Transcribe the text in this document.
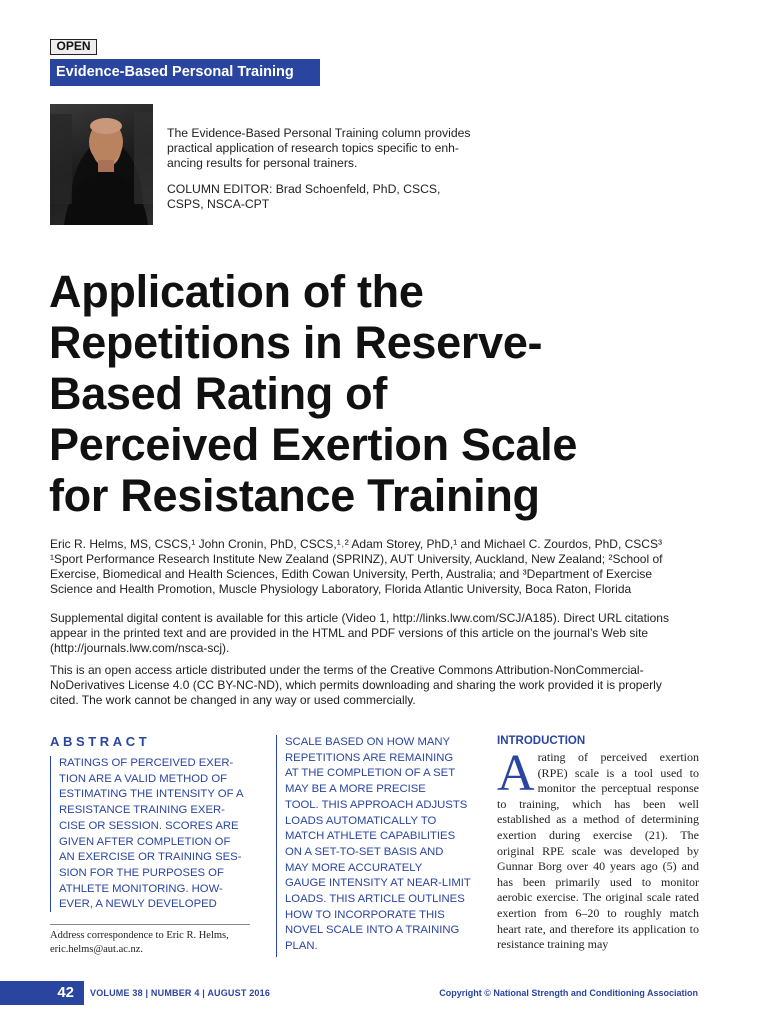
OPEN
Evidence-Based Personal Training
The Evidence-Based Personal Training column provides
practical application of research topics specific to enh-
ancing results for personal trainers.
COLUMN EDITOR: Brad Schoenfeld, PhD, CSCS,
CSPS, NSCA-CPT
Application of the
Repetitions in Reserve-
Based Rating of
Perceived Exertion Scale
for Resistance Training
Eric R. Helms, MS, CSCS,¹ John Cronin, PhD, CSCS,¹˒² Adam Storey, PhD,¹ and Michael C. Zourdos, PhD, CSCS³
¹Sport Performance Research Institute New Zealand (SPRINZ), AUT University, Auckland, New Zealand; ²School of
Exercise, Biomedical and Health Sciences, Edith Cowan University, Perth, Australia; and ³Department of Exercise
Science and Health Promotion, Muscle Physiology Laboratory, Florida Atlantic University, Boca Raton, Florida
Supplemental digital content is available for this article (Video 1, http://links.lww.com/SCJ/A185). Direct URL citations
appear in the printed text and are provided in the HTML and PDF versions of this article on the journal’s Web site
(http://journals.lww.com/nsca-scj).
This is an open access article distributed under the terms of the Creative Commons Attribution-NonCommercial-
NoDerivatives License 4.0 (CC BY-NC-ND), which permits downloading and sharing the work provided it is properly
cited. The work cannot be changed in any way or used commercially.
ABSTRACT
RATINGS OF PERCEIVED EXER-
TION ARE A VALID METHOD OF
ESTIMATING THE INTENSITY OF A
RESISTANCE TRAINING EXER-
CISE OR SESSION. SCORES ARE
GIVEN AFTER COMPLETION OF
AN EXERCISE OR TRAINING SES-
SION FOR THE PURPOSES OF
ATHLETE MONITORING. HOW-
EVER, A NEWLY DEVELOPED
SCALE BASED ON HOW MANY
REPETITIONS ARE REMAINING
AT THE COMPLETION OF A SET
MAY BE A MORE PRECISE
TOOL. THIS APPROACH ADJUSTS
LOADS AUTOMATICALLY TO
MATCH ATHLETE CAPABILITIES
ON A SET-TO-SET BASIS AND
MAY MORE ACCURATELY
GAUGE INTENSITY AT NEAR-LIMIT
LOADS. THIS ARTICLE OUTLINES
HOW TO INCORPORATE THIS
NOVEL SCALE INTO A TRAINING
PLAN.
Address correspondence to Eric R. Helms,
eric.helms@aut.ac.nz.
INTRODUCTION
A rating of perceived exertion (RPE) scale is a tool used to monitor the perceptual response to training, which has been well established as a method of determining exertion during exercise (21). The original RPE scale was developed by Gunnar Borg over 40 years ago (5) and has been primarily used to monitor aerobic exercise. The original scale rated exertion from 6–20 to roughly match heart rate, and therefore its application to resistance training may
42	VOLUME 38 | NUMBER 4 | AUGUST 2016	Copyright © National Strength and Conditioning Association
